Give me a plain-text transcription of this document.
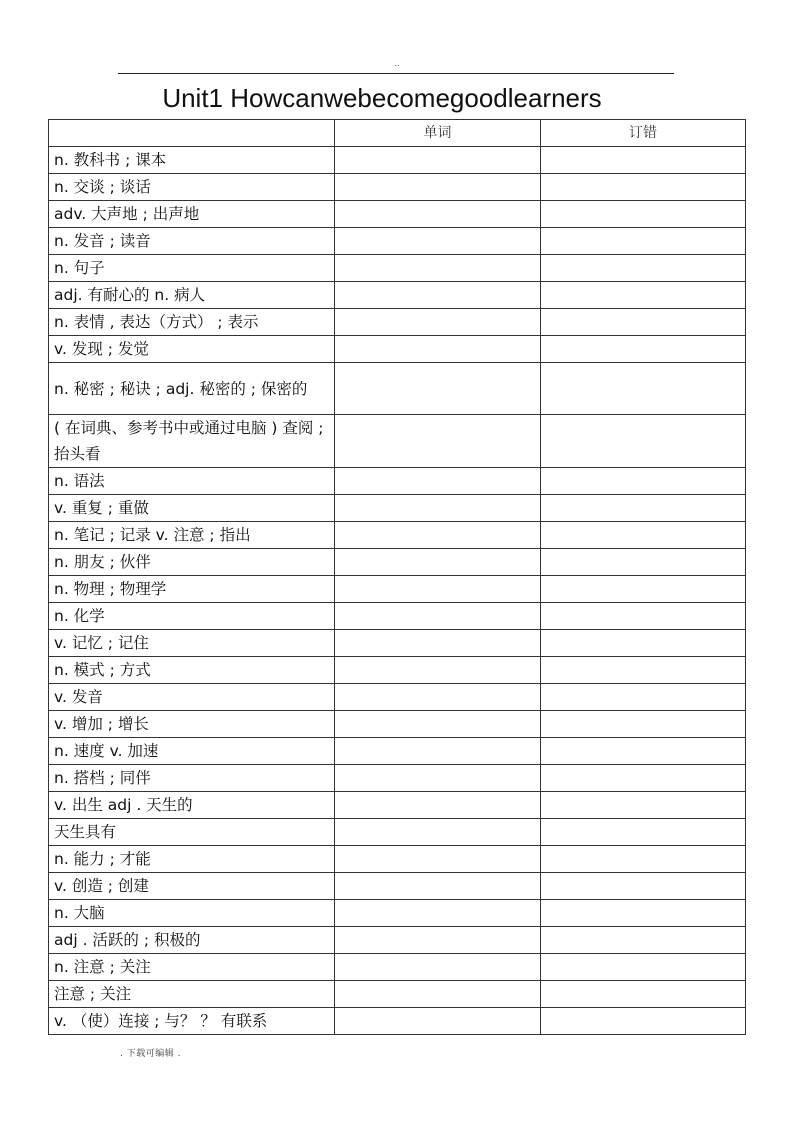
..
Unit1 Howcanwebecomegoodlearners
	单词	订错
n. 教科书 ; 课本		
n. 交谈 ; 谈话		
adv. 大声地 ; 出声地		
n. 发音 ; 读音		
n. 句子		
adj. 有耐心的 n. 病人		
n. 表情 , 表达（方式） ; 表示		
v. 发现 ; 发觉		
n. 秘密 ; 秘诀 ; adj. 秘密的 ; 保密的		
( 在词典、参考书中或通过电脑 ) 查阅 ; 抬头看		
n. 语法		
v. 重复 ; 重做		
n. 笔记 ; 记录 v. 注意 ; 指出		
n. 朋友 ; 伙伴		
n. 物理 ; 物理学		
n. 化学		
v. 记忆 ; 记住		
n. 模式 ; 方式		
v. 发音		
v. 增加 ; 增长		
n. 速度 v. 加速		
n. 搭档 ; 同伴		
v. 出生 adj . 天生的		
天生具有		
n. 能力 ; 才能		
v. 创造 ; 创建		
n. 大脑		
adj . 活跃的 ; 积极的		
n. 注意 ; 关注		
注意 ; 关注		
v. （使）连接 ; 与？ ？ 有联系		
. 下载可编辑 .
